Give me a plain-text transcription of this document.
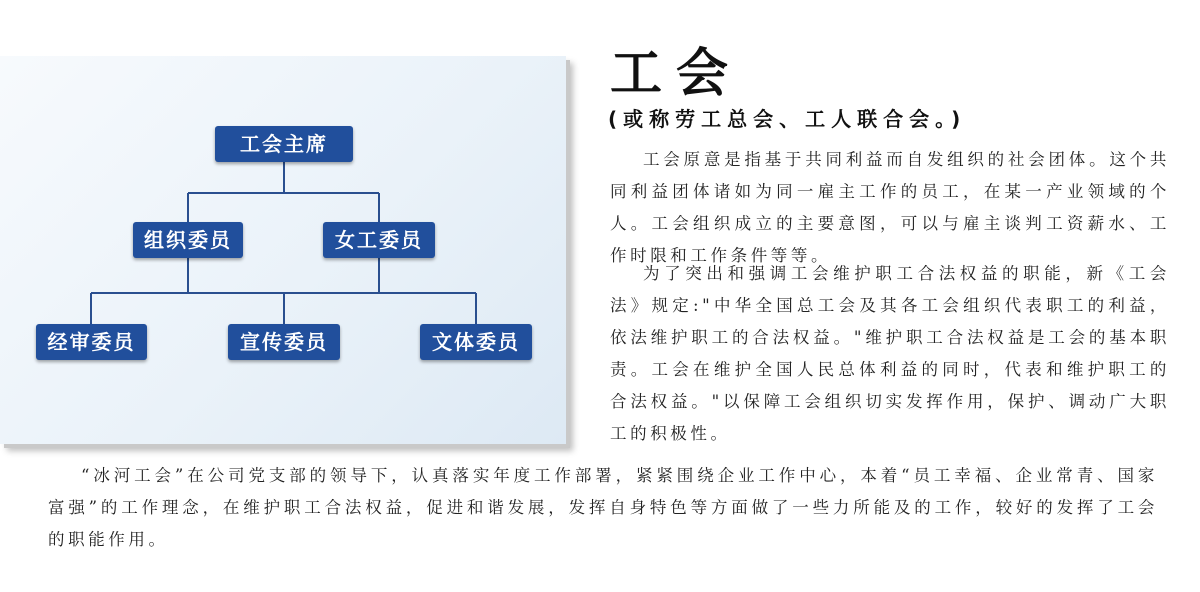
工会主席
组织委员	女工委员
经审委员	宣传委员	文体委员
工会
(或称劳工总会、工人联合会。)

工会原意是指基于共同利益而自发组织的社会团体。这个共同利益团体诸如为同一雇主工作的员工，在某一产业领域的个人。工会组织成立的主要意图，可以与雇主谈判工资薪水、工作时限和工作条件等等。

为了突出和强调工会维护职工合法权益的职能，新《工会法》规定:"中华全国总工会及其各工会组织代表职工的利益，依法维护职工的合法权益。"维护职工合法权益是工会的基本职责。工会在维护全国人民总体利益的同时，代表和维护职工的合法权益。"以保障工会组织切实发挥作用，保护、调动广大职工的积极性。

“冰河工会”在公司党支部的领导下，认真落实年度工作部署，紧紧围绕企业工作中心，本着“员工幸福、企业常青、国家富强”的工作理念，在维护职工合法权益，促进和谐发展，发挥自身特色等方面做了一些力所能及的工作，较好的发挥了工会的职能作用。
